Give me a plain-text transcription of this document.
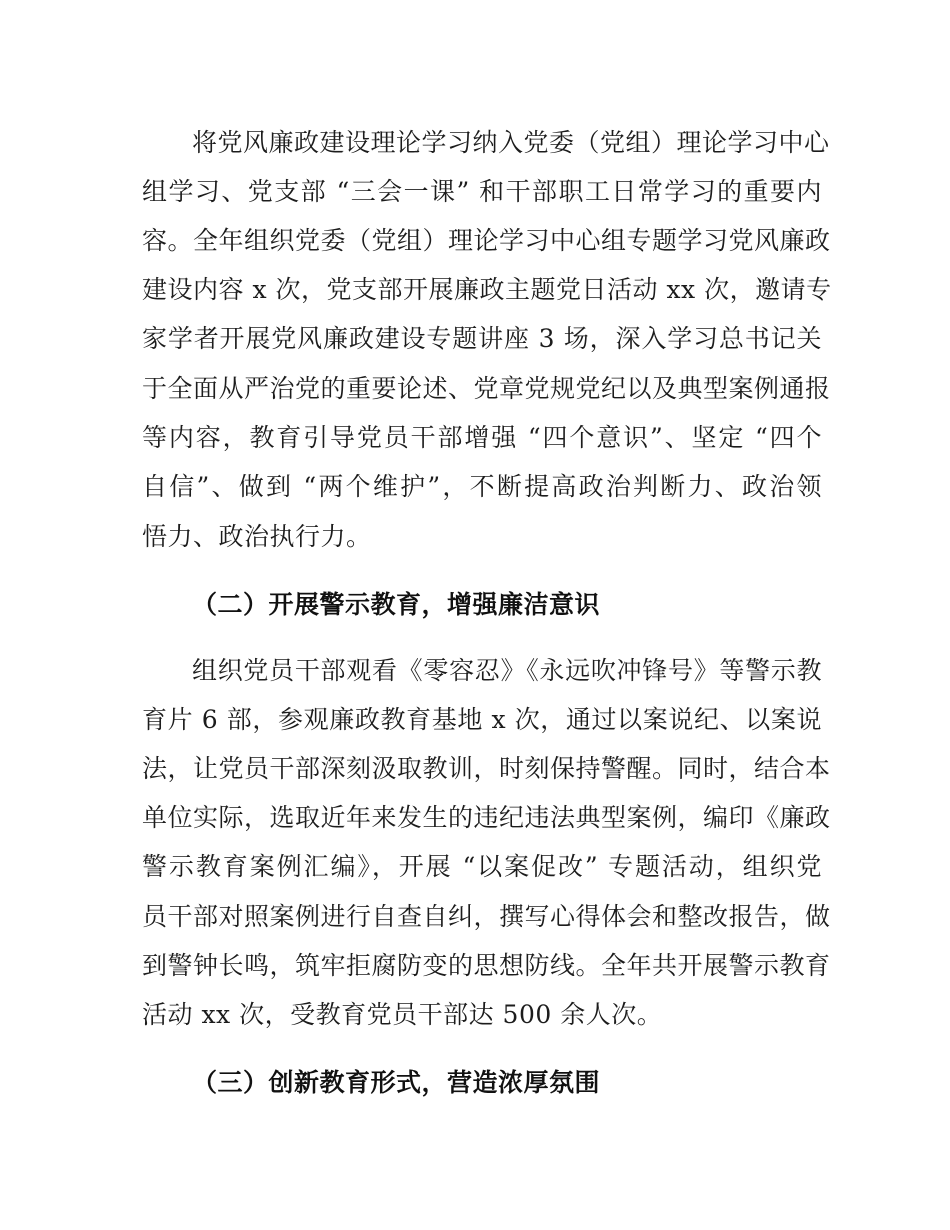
将党风廉政建设理论学习纳入党委（党组）理论学习中心
组学习、党支部 “三会一课” 和干部职工日常学习的重要内
容。全年组织党委（党组）理论学习中心组专题学习党风廉政
建设内容 x 次，党支部开展廉政主题党日活动 xx 次，邀请专
家学者开展党风廉政建设专题讲座 3 场，深入学习总书记关
于全面从严治党的重要论述、党章党规党纪以及典型案例通报
等内容，教育引导党员干部增强 “四个意识”、坚定 “四个
自信”、做到 “两个维护”，不断提高政治判断力、政治领
悟力、政治执行力。
（二）开展警示教育，增强廉洁意识
组织党员干部观看《零容忍》《永远吹冲锋号》等警示教
育片 6 部，参观廉政教育基地 x 次，通过以案说纪、以案说
法，让党员干部深刻汲取教训，时刻保持警醒。同时，结合本
单位实际，选取近年来发生的违纪违法典型案例，编印《廉政
警示教育案例汇编》，开展 “以案促改” 专题活动，组织党
员干部对照案例进行自查自纠，撰写心得体会和整改报告，做
到警钟长鸣，筑牢拒腐防变的思想防线。全年共开展警示教育
活动 xx 次，受教育党员干部达 500 余人次。
（三）创新教育形式，营造浓厚氛围
